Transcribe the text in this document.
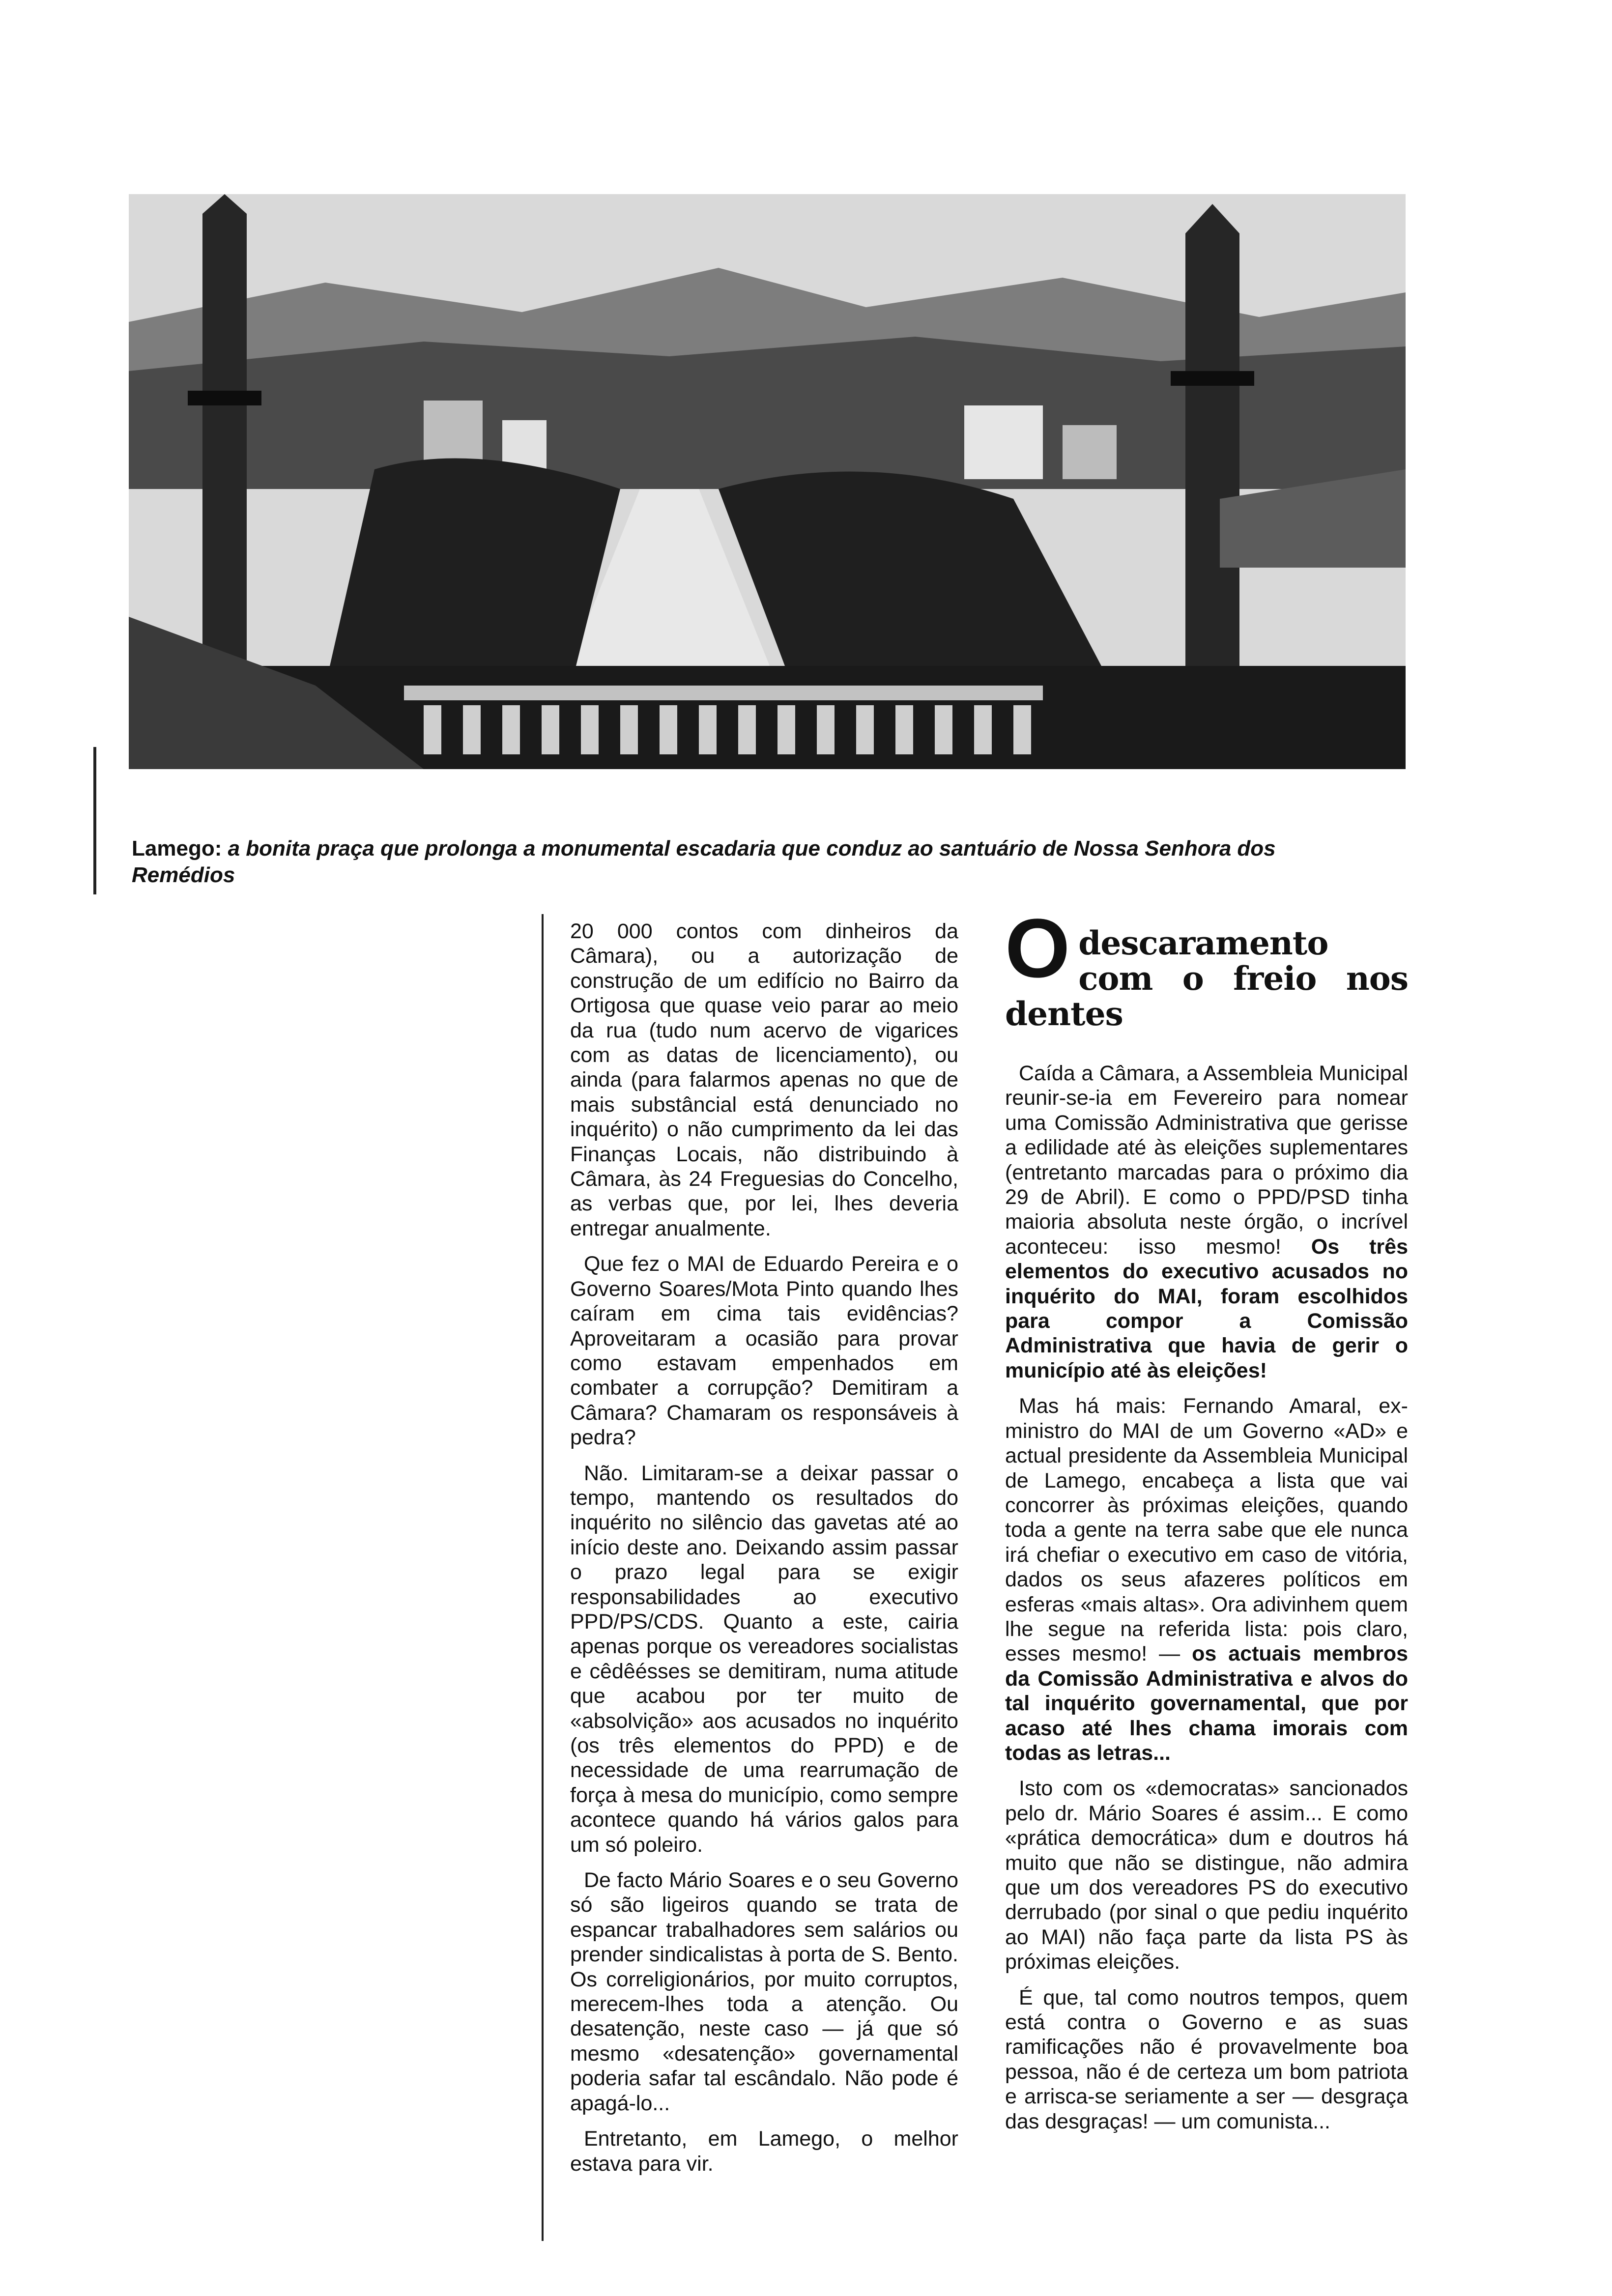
Lamego: a bonita praça que prolonga a monumental escadaria que conduz ao santuário de Nossa Senhora dos Remédios

20 000 contos com dinheiros da Câmara), ou a autorização de construção de um edifício no Bairro da Ortigosa que quase veio parar ao meio da rua (tudo num acervo de vigarices com as datas de licenciamento), ou ainda (para falarmos apenas no que de mais substâncial está denunciado no inquérito) o não cumprimento da lei das Finanças Locais, não distribuindo à Câmara, às 24 Freguesias do Concelho, as verbas que, por lei, lhes deveria entregar anualmente.

Que fez o MAI de Eduardo Pereira e o Governo Soares/Mota Pinto quando lhes caíram em cima tais evidências? Aproveitaram a ocasião para provar como estavam empenhados em combater a corrupção? Demitiram a Câmara? Chamaram os responsáveis à pedra?

Não. Limitaram-se a deixar passar o tempo, mantendo os resultados do inquérito no silêncio das gavetas até ao início deste ano. Deixando assim passar o prazo legal para se exigir responsabilidades ao executivo PPD/PS/CDS. Quanto a este, cairia apenas porque os vereadores socialistas e cêdêésses se demitiram, numa atitude que acabou por ter muito de «absolvição» aos acusados no inquérito (os três elementos do PPD) e de necessidade de uma rearrumação de força à mesa do município, como sempre acontece quando há vários galos para um só poleiro.

De facto Mário Soares e o seu Governo só são ligeiros quando se trata de espancar trabalhadores sem salários ou prender sindicalistas à porta de S. Bento. Os correligionários, por muito corruptos, merecem-lhes toda a atenção. Ou desatenção, neste caso — já que só mesmo «desatenção» governamental poderia safar tal escândalo. Não pode é apagá-lo...

Entretanto, em Lamego, o melhor estava para vir.

O descaramento
com o freio nos dentes

Caída a Câmara, a Assembleia Municipal reunir-se-ia em Fevereiro para nomear uma Comissão Administrativa que gerisse a edilidade até às eleições suplementares (entretanto marcadas para o próximo dia 29 de Abril). E como o PPD/PSD tinha maioria absoluta neste órgão, o incrível aconteceu: isso mesmo! Os três elementos do executivo acusados no inquérito do MAI, foram escolhidos para compor a Comissão Administrativa que havia de gerir o município até às eleições!

Mas há mais: Fernando Amaral, ex-ministro do MAI de um Governo «AD» e actual presidente da Assembleia Municipal de Lamego, encabeça a lista que vai concorrer às próximas eleições, quando toda a gente na terra sabe que ele nunca irá chefiar o executivo em caso de vitória, dados os seus afazeres políticos em esferas «mais altas». Ora adivinhem quem lhe segue na referida lista: pois claro, esses mesmo! — os actuais membros da Comissão Administrativa e alvos do tal inquérito governamental, que por acaso até lhes chama imorais com todas as letras...

Isto com os «democratas» sancionados pelo dr. Mário Soares é assim... E como «prática democrática» dum e doutros há muito que não se distingue, não admira que um dos vereadores PS do executivo derrubado (por sinal o que pediu inquérito ao MAI) não faça parte da lista PS às próximas eleições.

É que, tal como noutros tempos, quem está contra o Governo e as suas ramificações não é provavelmente boa pessoa, não é de certeza um bom patriota e arrisca-se seriamente a ser — desgraça das desgraças! — um comunista...
